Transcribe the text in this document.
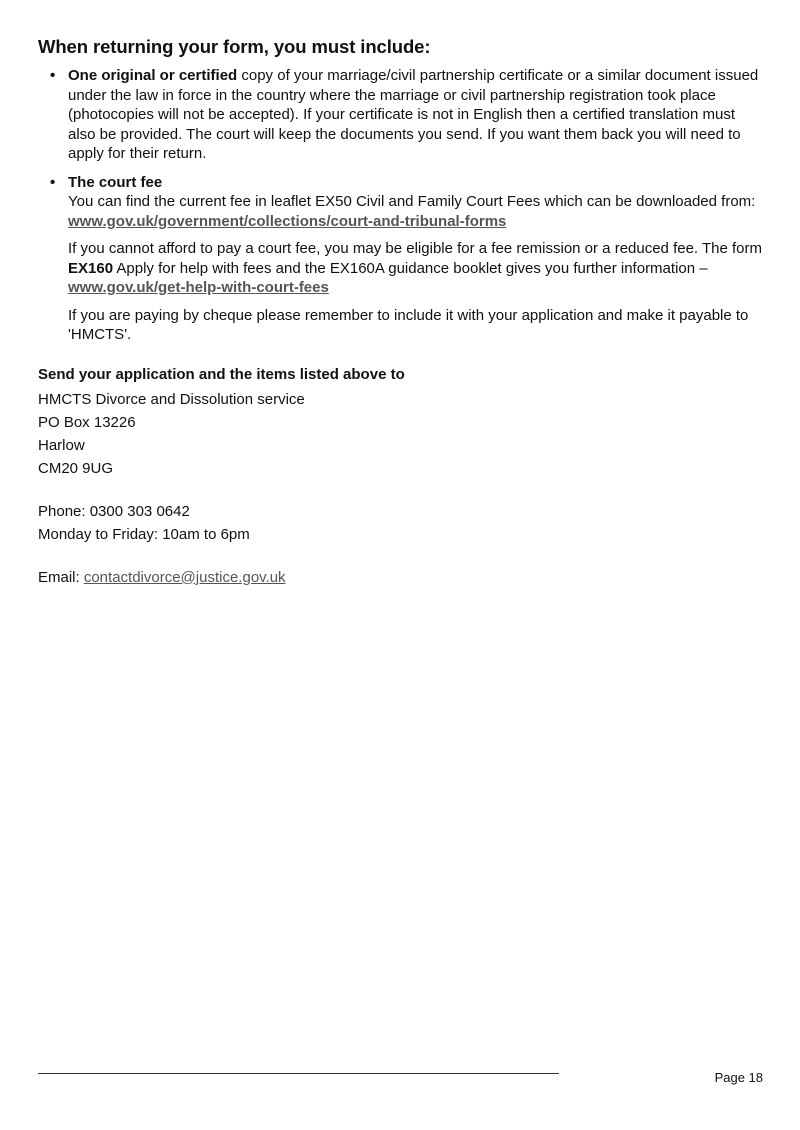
When returning your form, you must include:
• One original or certified copy of your marriage/civil partnership certificate or a similar document issued under the law in force in the country where the marriage or civil partnership registration took place (photocopies will not be accepted). If your certificate is not in English then a certified translation must also be provided. The court will keep the documents you send. If you want them back you will need to apply for their return.

• The court fee
You can find the current fee in leaflet EX50 Civil and Family Court Fees which can be downloaded from: www.gov.uk/government/collections/court-and-tribunal-forms

If you cannot afford to pay a court fee, you may be eligible for a fee remission or a reduced fee. The form EX160 Apply for help with fees and the EX160A guidance booklet gives you further information – www.gov.uk/get-help-with-court-fees

If you are paying by cheque please remember to include it with your application and make it payable to 'HMCTS'.

Send your application and the items listed above to

HMCTS Divorce and Dissolution service

PO Box 13226

Harlow

CM20 9UG

Phone: 0300 303 0642

Monday to Friday: 10am to 6pm

Email: contactdivorce@justice.gov.uk

Page 18
